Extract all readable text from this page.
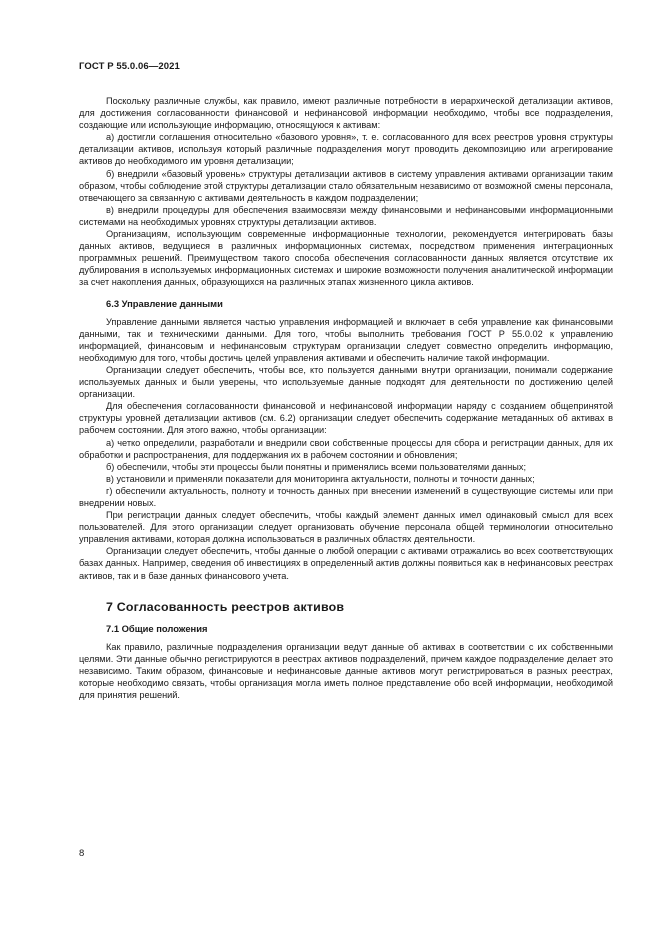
ГОСТ Р 55.0.06—2021

Поскольку различные службы, как правило, имеют различные потребности в иерархической детализации активов, для достижения согласованности финансовой и нефинансовой информации необходимо, чтобы все подразделения, создающие или использующие информацию, относящуюся к активам:

а) достигли соглашения относительно «базового уровня», т. е. согласованного для всех реестров уровня структуры детализации активов, используя который различные подразделения могут проводить декомпозицию или агрегирование активов до необходимого им уровня детализации;

б) внедрили «базовый уровень» структуры детализации активов в систему управления активами организации таким образом, чтобы соблюдение этой структуры детализации стало обязательным независимо от возможной смены персонала, отвечающего за связанную с активами деятельность в каждом подразделении;

в) внедрили процедуры для обеспечения взаимосвязи между финансовыми и нефинансовыми информационными системами на необходимых уровнях структуры детализации активов.

Организациям, использующим современные информационные технологии, рекомендуется интегрировать базы данных активов, ведущиеся в различных информационных системах, посредством применения интеграционных программных решений. Преимуществом такого способа обеспечения согласованности данных является отсутствие их дублирования в используемых информационных системах и широкие возможности получения аналитической информации за счет накопления данных, образующихся на различных этапах жизненного цикла активов.

6.3 Управление данными

Управление данными является частью управления информацией и включает в себя управление как финансовыми данными, так и техническими данными. Для того, чтобы выполнить требования ГОСТ Р 55.0.02 к управлению информацией, финансовым и нефинансовым структурам организации следует совместно определить информацию, необходимую для того, чтобы достичь целей управления активами и обеспечить наличие такой информации.

Организации следует обеспечить, чтобы все, кто пользуется данными внутри организации, понимали содержание используемых данных и были уверены, что используемые данные подходят для деятельности по достижению целей организации.

Для обеспечения согласованности финансовой и нефинансовой информации наряду с созданием общепринятой структуры уровней детализации активов (см. 6.2) организации следует обеспечить содержание метаданных об активах в рабочем состоянии. Для этого важно, чтобы организации:

а) четко определили, разработали и внедрили свои собственные процессы для сбора и регистрации данных, для их обработки и распространения, для поддержания их в рабочем состоянии и обновления;

б) обеспечили, чтобы эти процессы были понятны и применялись всеми пользователями данных;

в) установили и применяли показатели для мониторинга актуальности, полноты и точности данных;

г) обеспечили актуальность, полноту и точность данных при внесении изменений в существующие системы или при внедрении новых.

При регистрации данных следует обеспечить, чтобы каждый элемент данных имел одинаковый смысл для всех пользователей. Для этого организации следует организовать обучение персонала общей терминологии относительно управления активами, которая должна использоваться в различных областях деятельности.

Организации следует обеспечить, чтобы данные о любой операции с активами отражались во всех соответствующих базах данных. Например, сведения об инвестициях в определенный актив должны появиться как в нефинансовых реестрах активов, так и в базе данных финансового учета.

7 Согласованность реестров активов
7.1 Общие положения

Как правило, различные подразделения организации ведут данные об активах в соответствии с их собственными целями. Эти данные обычно регистрируются в реестрах активов подразделений, причем каждое подразделение делает это независимо. Таким образом, финансовые и нефинансовые данные активов могут регистрироваться в разных реестрах, которые необходимо связать, чтобы организация могла иметь полное представление обо всей информации, необходимой для принятия решений.

8
